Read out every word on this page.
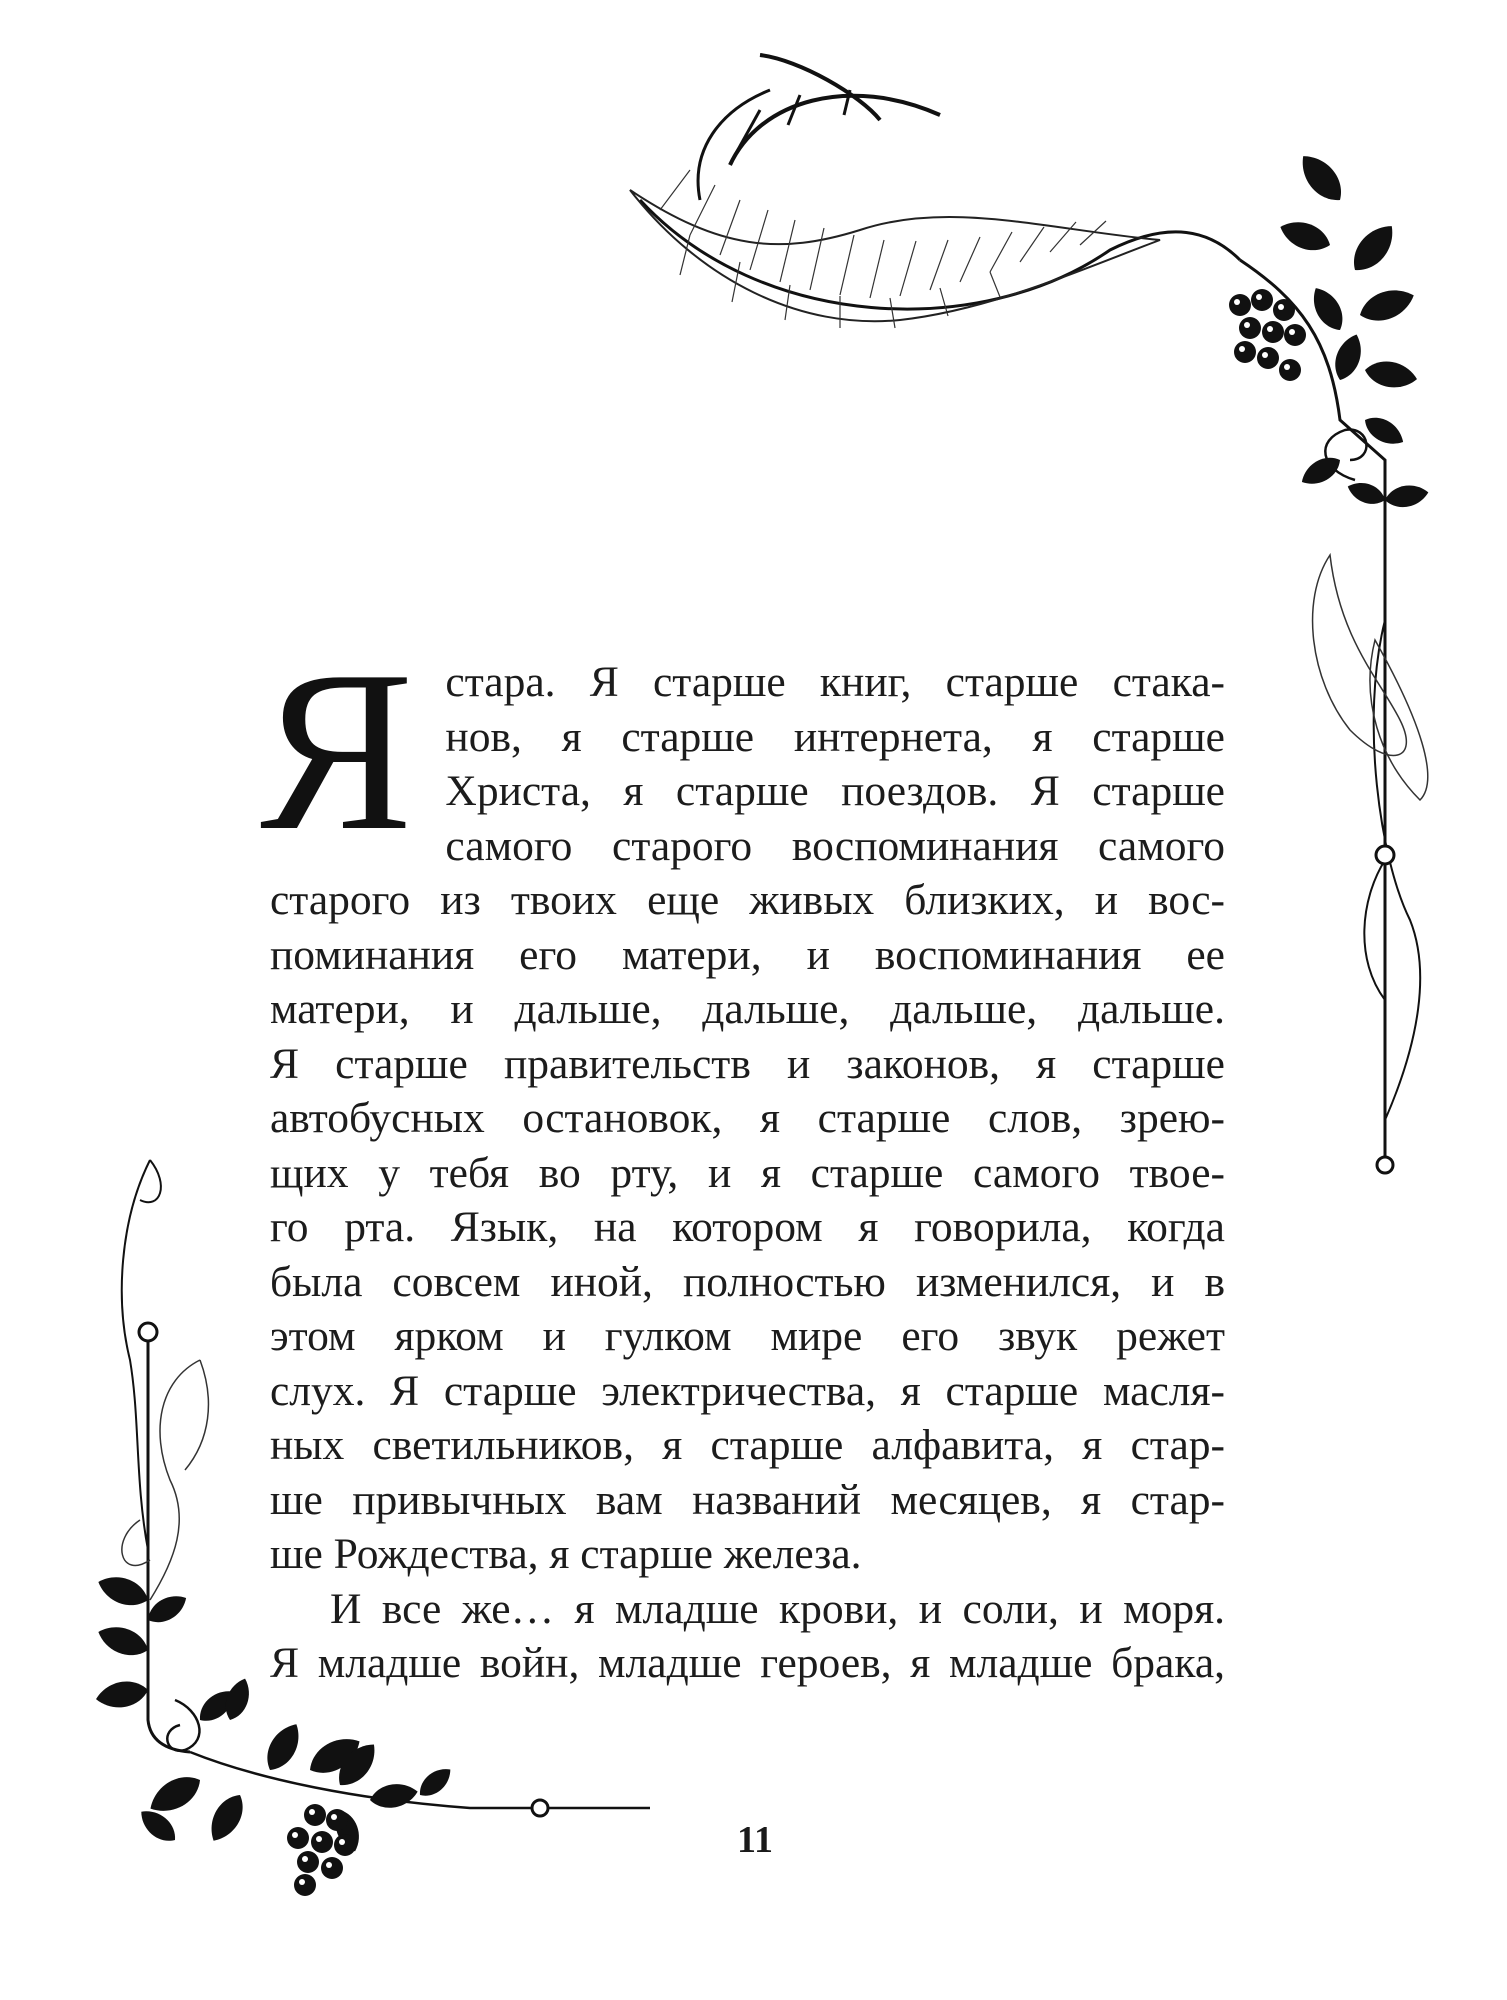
Я стара. Я старше книг, старше стака-
нов, я старше интернета, я старше
Христа, я старше поездов. Я старше
самого старого воспоминания самого
старого из твоих еще живых близких, и вос-
поминания его матери, и воспоминания ее
матери, и дальше, дальше, дальше, дальше.
Я старше правительств и законов, я старше
автобусных остановок, я старше слов, зрею-
щих у тебя во рту, и я старше самого твое-
го рта. Язык, на котором я говорила, когда
была совсем иной, полностью изменился, и в
этом ярком и гулком мире его звук режет
слух. Я старше электричества, я старше масля-
ных светильников, я старше алфавита, я стар-
ше привычных вам названий месяцев, я стар-
ше Рождества, я старше железа.
И все же… я младше крови, и соли, и моря.
Я младше войн, младше героев, я младше брака,
11
